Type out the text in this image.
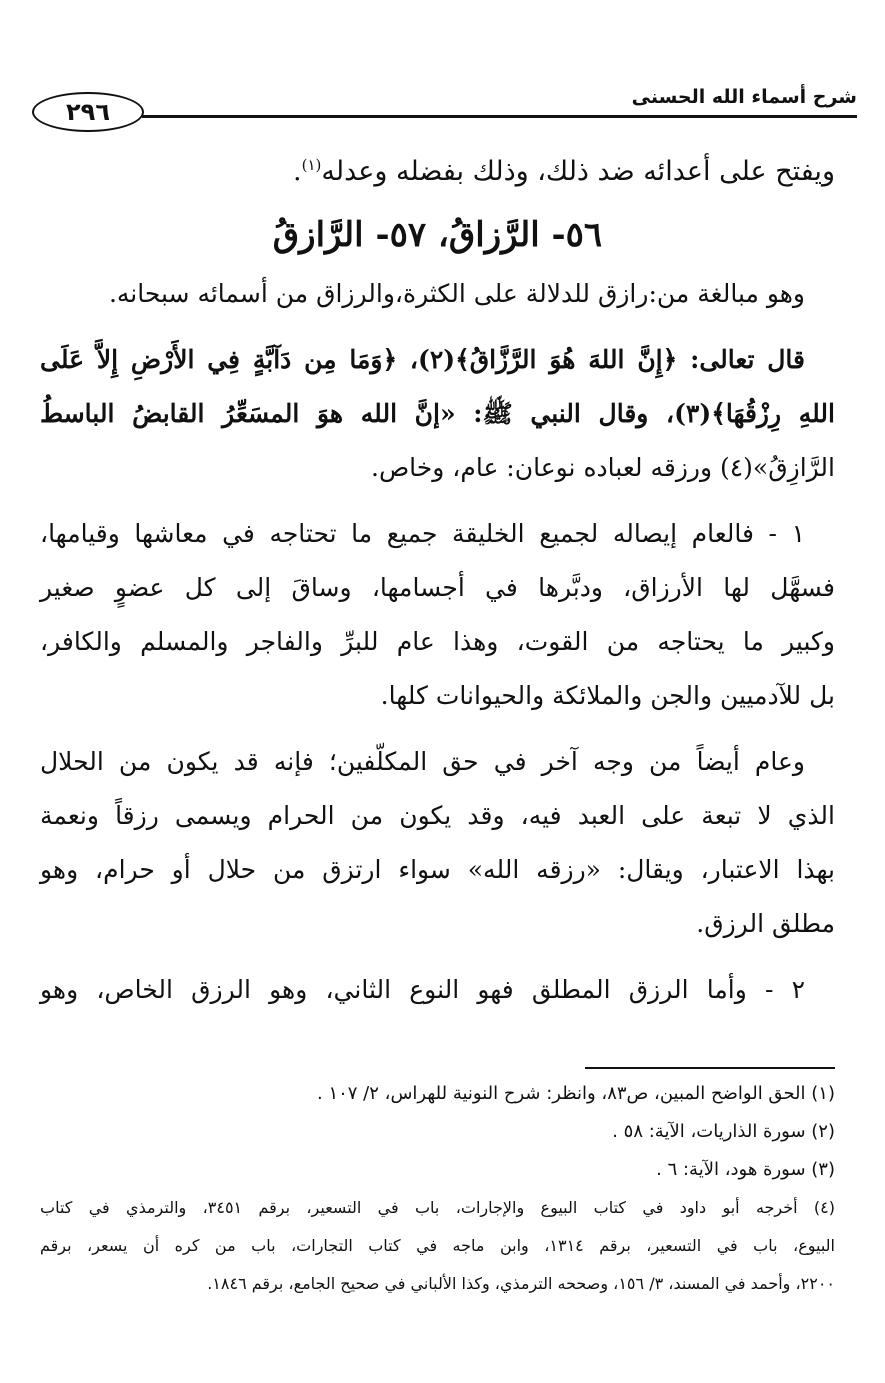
شرح أسماء الله الحسنى
٢٩٦
ويفتح على أعدائه ضد ذلك، وذلك بفضله وعدله$^{(١)}$.
٥٦- الرَّزاقُ، ٥٧- الرَّازقُ
وهو مبالغة من:رازق للدلالة على الكثرة،والرزاق من أسمائه سبحانه.
قال تعالى: ﴿إِنَّ اللهَ هُوَ الرَّزَّاقُ﴾(٢)، ﴿وَمَا مِن دَآبَّةٍ فِي الأَرْضِ إِلاَّ عَلَى
اللهِ رِزْقُهَا﴾(٣)، وقال النبي ﷺ: «إنَّ الله هوَ المسَعِّرُ القابضُ الباسطُ
الرَّازِقُ»(٤) ورزقه لعباده نوعان: عام، وخاص.
١ - فالعام إيصاله لجميع الخليقة جميع ما تحتاجه في معاشها وقيامها،
فسهَّل لها الأرزاق، ودبَّرها في أجسامها، وساقَ إلى كل عضوٍ صغير
وكبير ما يحتاجه من القوت، وهذا عام للبرِّ والفاجر والمسلم والكافر،
بل للآدميين والجن والملائكة والحيوانات كلها.
وعام أيضاً من وجه آخر في حق المكلّفين؛ فإنه قد يكون من الحلال
الذي لا تبعة على العبد فيه، وقد يكون من الحرام ويسمى رزقاً ونعمة
بهذا الاعتبار، ويقال: «رزقه الله» سواء ارتزق من حلال أو حرام، وهو
مطلق الرزق.
٢ - وأما الرزق المطلق فهو النوع الثاني، وهو الرزق الخاص، وهو
(١) الحق الواضح المبين، ص٨٣، وانظر: شرح النونية للهراس، ٢/ ١٠٧ .
(٢) سورة الذاريات، الآية: ٥٨ .
(٣) سورة هود، الآية: ٦ .
(٤) أخرجه أبو داود في كتاب البيوع والإجارات، باب في التسعير، برقم ٣٤٥١، والترمذي في كتاب
البيوع، باب في التسعير، برقم ١٣١٤، وابن ماجه في كتاب التجارات، باب من كره أن يسعر، برقم
٢٢٠٠، وأحمد في المسند، ٣/ ١٥٦، وصححه الترمذي، وكذا الألباني في صحيح الجامع، برقم ١٨٤٦.
